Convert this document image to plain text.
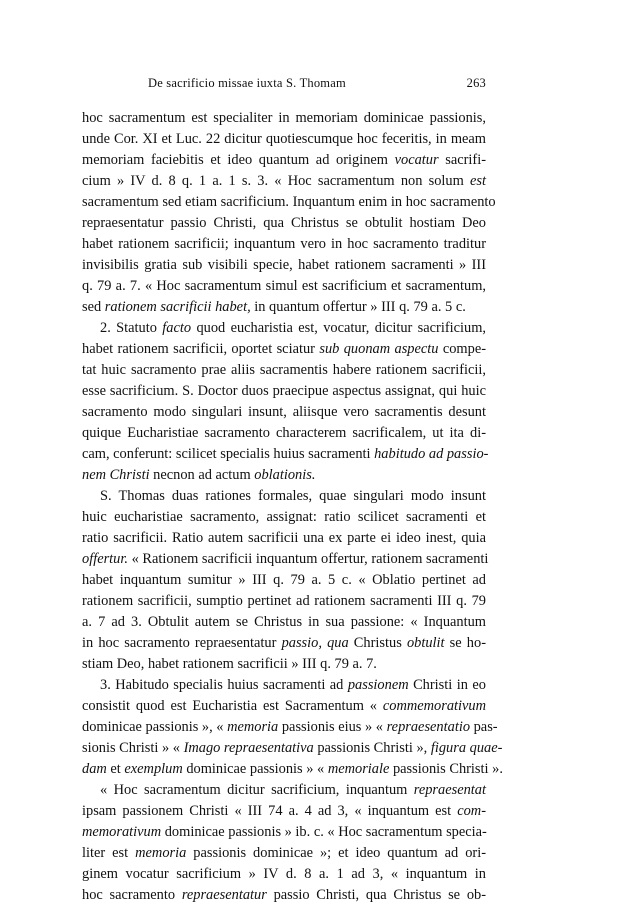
De sacrificio missae iuxta S. Thomam	263
hoc sacramentum est specialiter in memoriam dominicae passionis,
unde Cor. XI et Luc. 22 dicitur quotiescumque hoc feceritis, in meam
memoriam faciebitis et ideo quantum ad originem vocatur sacrifi-
cium » IV d. 8 q. 1 a. 1 s. 3. « Hoc sacramentum non solum est
sacramentum sed etiam sacrificium. Inquantum enim in hoc sacramento
repraesentatur passio Christi, qua Christus se obtulit hostiam Deo
habet rationem sacrificii; inquantum vero in hoc sacramento traditur
invisibilis gratia sub visibili specie, habet rationem sacramenti » III
q. 79 a. 7. « Hoc sacramentum simul est sacrificium et sacramentum,
sed rationem sacrificii habet, in quantum offertur » III q. 79 a. 5 c.
2. Statuto facto quod eucharistia est, vocatur, dicitur sacrificium,
habet rationem sacrificii, oportet sciatur sub quonam aspectu compe-
tat huic sacramento prae aliis sacramentis habere rationem sacrificii,
esse sacrificium. S. Doctor duos praecipue aspectus assignat, qui huic
sacramento modo singulari insunt, aliisque vero sacramentis desunt
quique Eucharistiae sacramento characterem sacrificalem, ut ita di-
cam, conferunt: scilicet specialis huius sacramenti habitudo ad passio-
nem Christi necnon ad actum oblationis.
S. Thomas duas rationes formales, quae singulari modo insunt
huic eucharistiae sacramento, assignat: ratio scilicet sacramenti et
ratio sacrificii. Ratio autem sacrificii una ex parte ei ideo inest, quia
offertur. « Rationem sacrificii inquantum offertur, rationem sacramenti
habet inquantum sumitur » III q. 79 a. 5 c. « Oblatio pertinet ad
rationem sacrificii, sumptio pertinet ad rationem sacramenti III q. 79
a. 7 ad 3. Obtulit autem se Christus in sua passione: « Inquantum
in hoc sacramento repraesentatur passio, qua Christus obtulit se ho-
stiam Deo, habet rationem sacrificii » III q. 79 a. 7.
3. Habitudo specialis huius sacramenti ad passionem Christi in eo
consistit quod est Eucharistia est Sacramentum « commemorativum
dominicae passionis », « memoria passionis eius » « repraesentatio pas-
sionis Christi » « Imago repraesentativa passionis Christi », figura quae-
dam et exemplum dominicae passionis » « memoriale passionis Christi ».
« Hoc sacramentum dicitur sacrificium, inquantum repraesentat
ipsam passionem Christi « III 74 a. 4 ad 3, « inquantum est com-
memorativum dominicae passionis » ib. c. « Hoc sacramentum specia-
liter est memoria passionis dominicae »; et ideo quantum ad ori-
ginem vocatur sacrificium » IV d. 8 a. 1 ad 3, « inquantum in
hoc sacramento repraesentatur passio Christi, qua Christus se ob-
